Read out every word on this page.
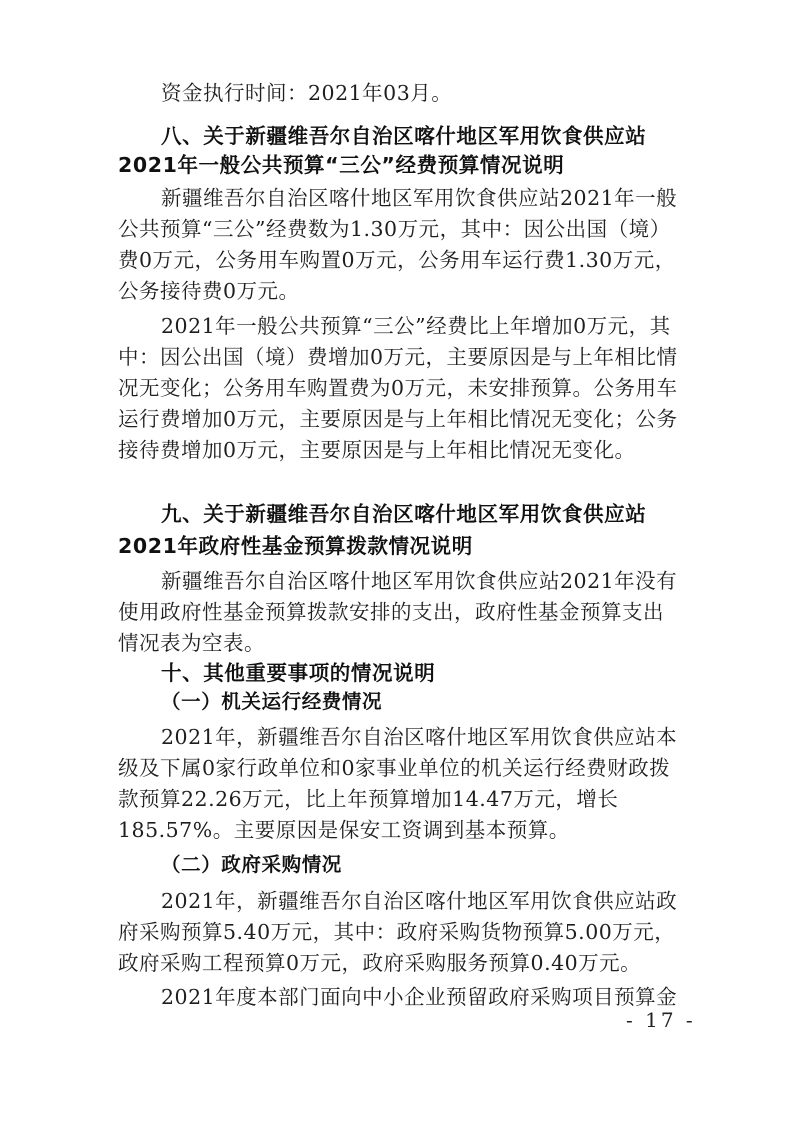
资金执行时间：2021年03月。
八、关于新疆维吾尔自治区喀什地区军用饮食供应站
2021年一般公共预算“三公”经费预算情况说明
新疆维吾尔自治区喀什地区军用饮食供应站2021年一般
公共预算“三公”经费数为1.30万元，其中：因公出国（境）
费0万元，公务用车购置0万元，公务用车运行费1.30万元，
公务接待费0万元。
2021年一般公共预算“三公”经费比上年增加0万元，其
中：因公出国（境）费增加0万元，主要原因是与上年相比情
况无变化；公务用车购置费为0万元，未安排预算。公务用车
运行费增加0万元，主要原因是与上年相比情况无变化；公务
接待费增加0万元，主要原因是与上年相比情况无变化。
九、关于新疆维吾尔自治区喀什地区军用饮食供应站
2021年政府性基金预算拨款情况说明
新疆维吾尔自治区喀什地区军用饮食供应站2021年没有
使用政府性基金预算拨款安排的支出，政府性基金预算支出
情况表为空表。
十、其他重要事项的情况说明
（一）机关运行经费情况
2021年，新疆维吾尔自治区喀什地区军用饮食供应站本
级及下属0家行政单位和0家事业单位的机关运行经费财政拨
款预算22.26万元，比上年预算增加14.47万元，增长
185.57%。主要原因是保安工资调到基本预算。
（二）政府采购情况
2021年，新疆维吾尔自治区喀什地区军用饮食供应站政
府采购预算5.40万元，其中：政府采购货物预算5.00万元，
政府采购工程预算0万元，政府采购服务预算0.40万元。
2021年度本部门面向中小企业预留政府采购项目预算金
- 17 -
